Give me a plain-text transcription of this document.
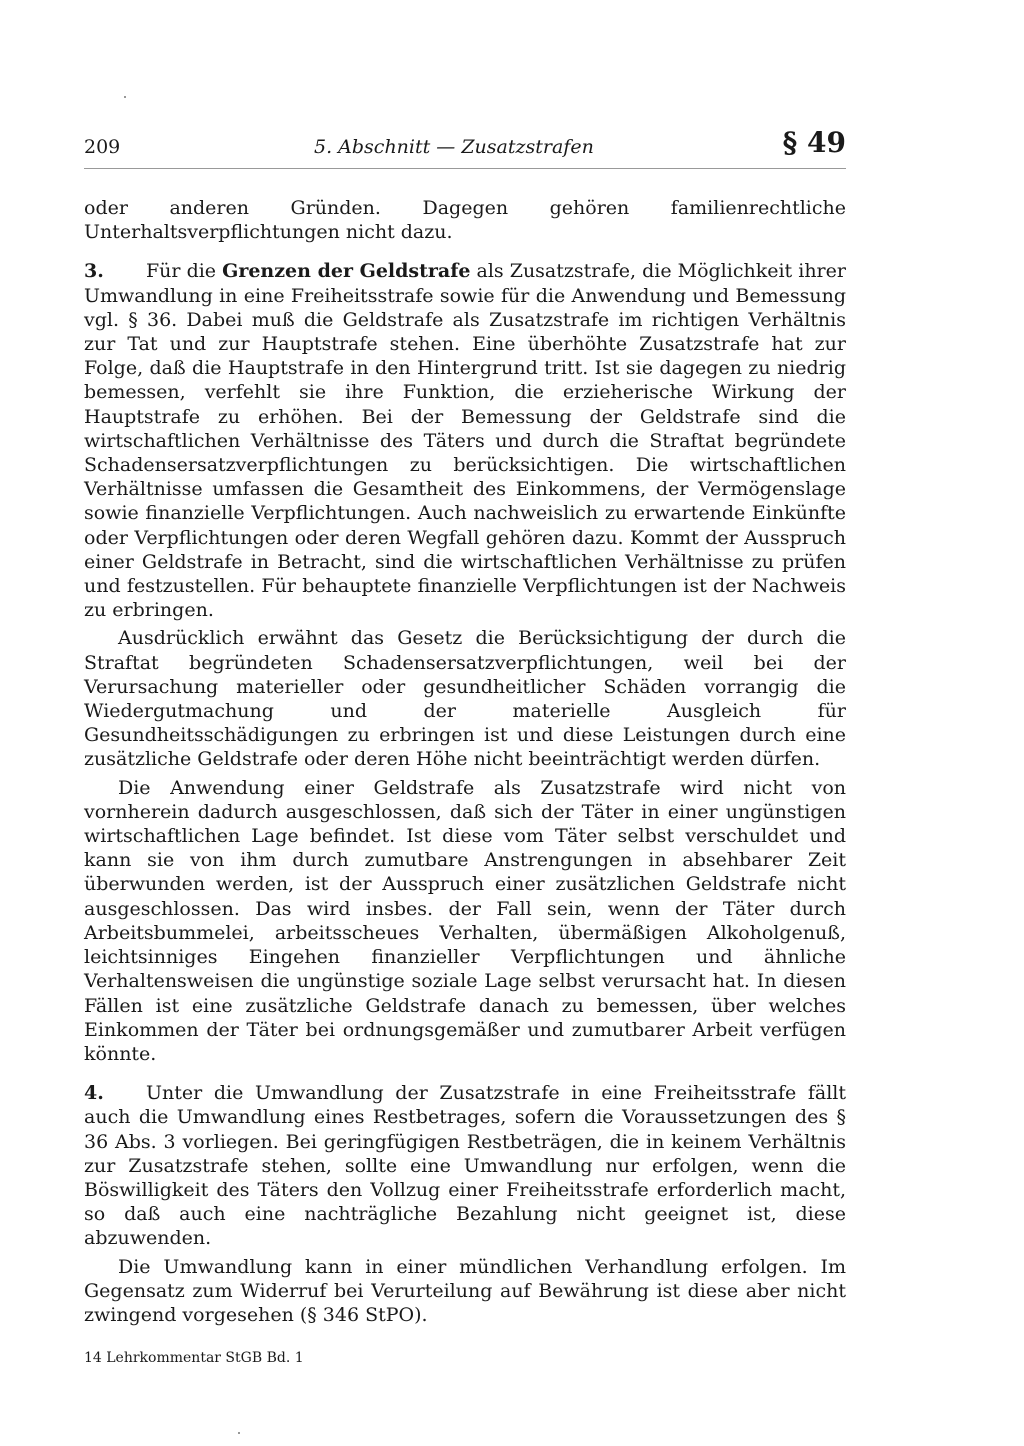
209	5. Abschnitt — Zusatzstrafen	§ 49

oder anderen Gründen. Dagegen gehören familienrechtliche Unterhaltsverpflichtungen nicht dazu.

3. Für die Grenzen der Geldstrafe als Zusatzstrafe, die Möglichkeit ihrer Umwandlung in eine Freiheitsstrafe sowie für die Anwendung und Bemessung vgl. § 36. Dabei muß die Geldstrafe als Zusatzstrafe im richtigen Verhältnis zur Tat und zur Hauptstrafe stehen. Eine überhöhte Zusatzstrafe hat zur Folge, daß die Hauptstrafe in den Hintergrund tritt. Ist sie dagegen zu niedrig bemessen, verfehlt sie ihre Funktion, die erzieherische Wirkung der Hauptstrafe zu erhöhen. Bei der Bemessung der Geldstrafe sind die wirtschaftlichen Verhältnisse des Täters und durch die Straftat begründete Schadensersatzverpflichtungen zu berücksichtigen. Die wirtschaftlichen Verhältnisse umfassen die Gesamtheit des Einkommens, der Vermögenslage sowie finanzielle Verpflichtungen. Auch nachweislich zu erwartende Einkünfte oder Verpflichtungen oder deren Wegfall gehören dazu. Kommt der Ausspruch einer Geldstrafe in Betracht, sind die wirtschaftlichen Verhältnisse zu prüfen und festzustellen. Für behauptete finanzielle Verpflichtungen ist der Nachweis zu erbringen.

Ausdrücklich erwähnt das Gesetz die Berücksichtigung der durch die Straftat begründeten Schadensersatzverpflichtungen, weil bei der Verursachung materieller oder gesundheitlicher Schäden vorrangig die Wiedergutmachung und der materielle Ausgleich für Gesundheitsschädigungen zu erbringen ist und diese Leistungen durch eine zusätzliche Geldstrafe oder deren Höhe nicht beeinträchtigt werden dürfen.

Die Anwendung einer Geldstrafe als Zusatzstrafe wird nicht von vornherein dadurch ausgeschlossen, daß sich der Täter in einer ungünstigen wirtschaftlichen Lage befindet. Ist diese vom Täter selbst verschuldet und kann sie von ihm durch zumutbare Anstrengungen in absehbarer Zeit überwunden werden, ist der Ausspruch einer zusätzlichen Geldstrafe nicht ausgeschlossen. Das wird insbes. der Fall sein, wenn der Täter durch Arbeitsbummelei, arbeitsscheues Verhalten, übermäßigen Alkoholgenuß, leichtsinniges Eingehen finanzieller Verpflichtungen und ähnliche Verhaltensweisen die ungünstige soziale Lage selbst verursacht hat. In diesen Fällen ist eine zusätzliche Geldstrafe danach zu bemessen, über welches Einkommen der Täter bei ordnungsgemäßer und zumutbarer Arbeit verfügen könnte.

4. Unter die Umwandlung der Zusatzstrafe in eine Freiheitsstrafe fällt auch die Umwandlung eines Restbetrages, sofern die Voraussetzungen des § 36 Abs. 3 vorliegen. Bei geringfügigen Restbeträgen, die in keinem Verhältnis zur Zusatzstrafe stehen, sollte eine Umwandlung nur erfolgen, wenn die Böswilligkeit des Täters den Vollzug einer Freiheitsstrafe erforderlich macht, so daß auch eine nachträgliche Bezahlung nicht geeignet ist, diese abzuwenden.

Die Umwandlung kann in einer mündlichen Verhandlung erfolgen. Im Gegensatz zum Widerruf bei Verurteilung auf Bewährung ist diese aber nicht zwingend vorgesehen (§ 346 StPO).

14 Lehrkommentar StGB Bd. 1
